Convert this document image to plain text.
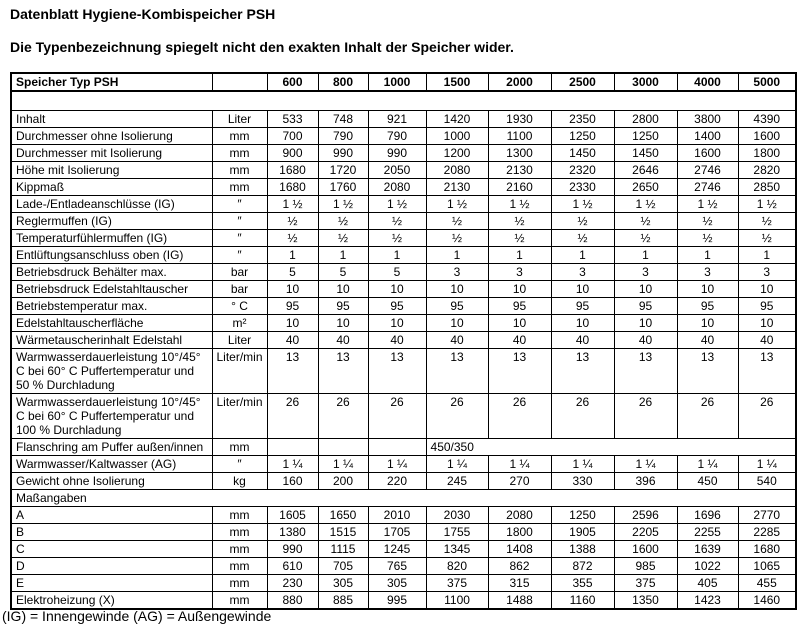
Datenblatt Hygiene-Kombispeicher PSH
Die Typenbezeichnung spiegelt nicht den exakten Inhalt der Speicher wider.
Speicher Typ PSH		600	800	1000	1500	2000	2500	3000	4000	5000

Inhalt	Liter	533	748	921	1420	1930	2350	2800	3800	4390
Durchmesser ohne Isolierung	mm	700	790	790	1000	1100	1250	1250	1400	1600
Durchmesser mit Isolierung	mm	900	990	990	1200	1300	1450	1450	1600	1800
Höhe mit Isolierung	mm	1680	1720	2050	2080	2130	2320	2646	2746	2820
Kippmaß	mm	1680	1760	2080	2130	2160	2330	2650	2746	2850
Lade-/Entladeanschlüsse (IG)	″	1 ½	1 ½	1 ½	1 ½	1 ½	1 ½	1 ½	1 ½	1 ½
Reglermuffen (IG)	″	½	½	½	½	½	½	½	½	½
Temperaturfühlermuffen (IG)	″	½	½	½	½	½	½	½	½	½
Entlüftungsanschluss oben (IG)	″	1	1	1	1	1	1	1	1	1
Betriebsdruck Behälter max.	bar	5	5	5	3	3	3	3	3	3
Betriebsdruck Edelstahltauscher	bar	10	10	10	10	10	10	10	10	10
Betriebstemperatur max.	° C	95	95	95	95	95	95	95	95	95
Edelstahltauscherfläche	m²	10	10	10	10	10	10	10	10	10
Wärmetauscherinhalt Edelstahl	Liter	40	40	40	40	40	40	40	40	40
Warmwasserdauerleistung 10°/45° C bei 60° C Puffertemperatur und 50 % Durchladung	Liter/min	13	13	13	13	13	13	13	13	13
Warmwasserdauerleistung 10°/45° C bei 60° C Puffertemperatur und 100 % Durchladung	Liter/min	26	26	26	26	26	26	26	26	26
Flanschring am Puffer außen/innen	mm				450/350					
Warmwasser/Kaltwasser (AG)	″	1 ¼	1 ¼	1 ¼	1 ¼	1 ¼	1 ¼	1 ¼	1 ¼	1 ¼
Gewicht ohne Isolierung	kg	160	200	220	245	270	330	396	450	540
Maßangaben										
A	mm	1605	1650	2010	2030	2080	1250	2596	1696	2770
B	mm	1380	1515	1705	1755	1800	1905	2205	2255	2285
C	mm	990	1115	1245	1345	1408	1388	1600	1639	1680
D	mm	610	705	765	820	862	872	985	1022	1065
E	mm	230	305	305	375	315	355	375	405	455
Elektroheizung (X)	mm	880	885	995	1100	1488	1160	1350	1423	1460
(IG) = Innengewinde (AG) = Außengewinde
